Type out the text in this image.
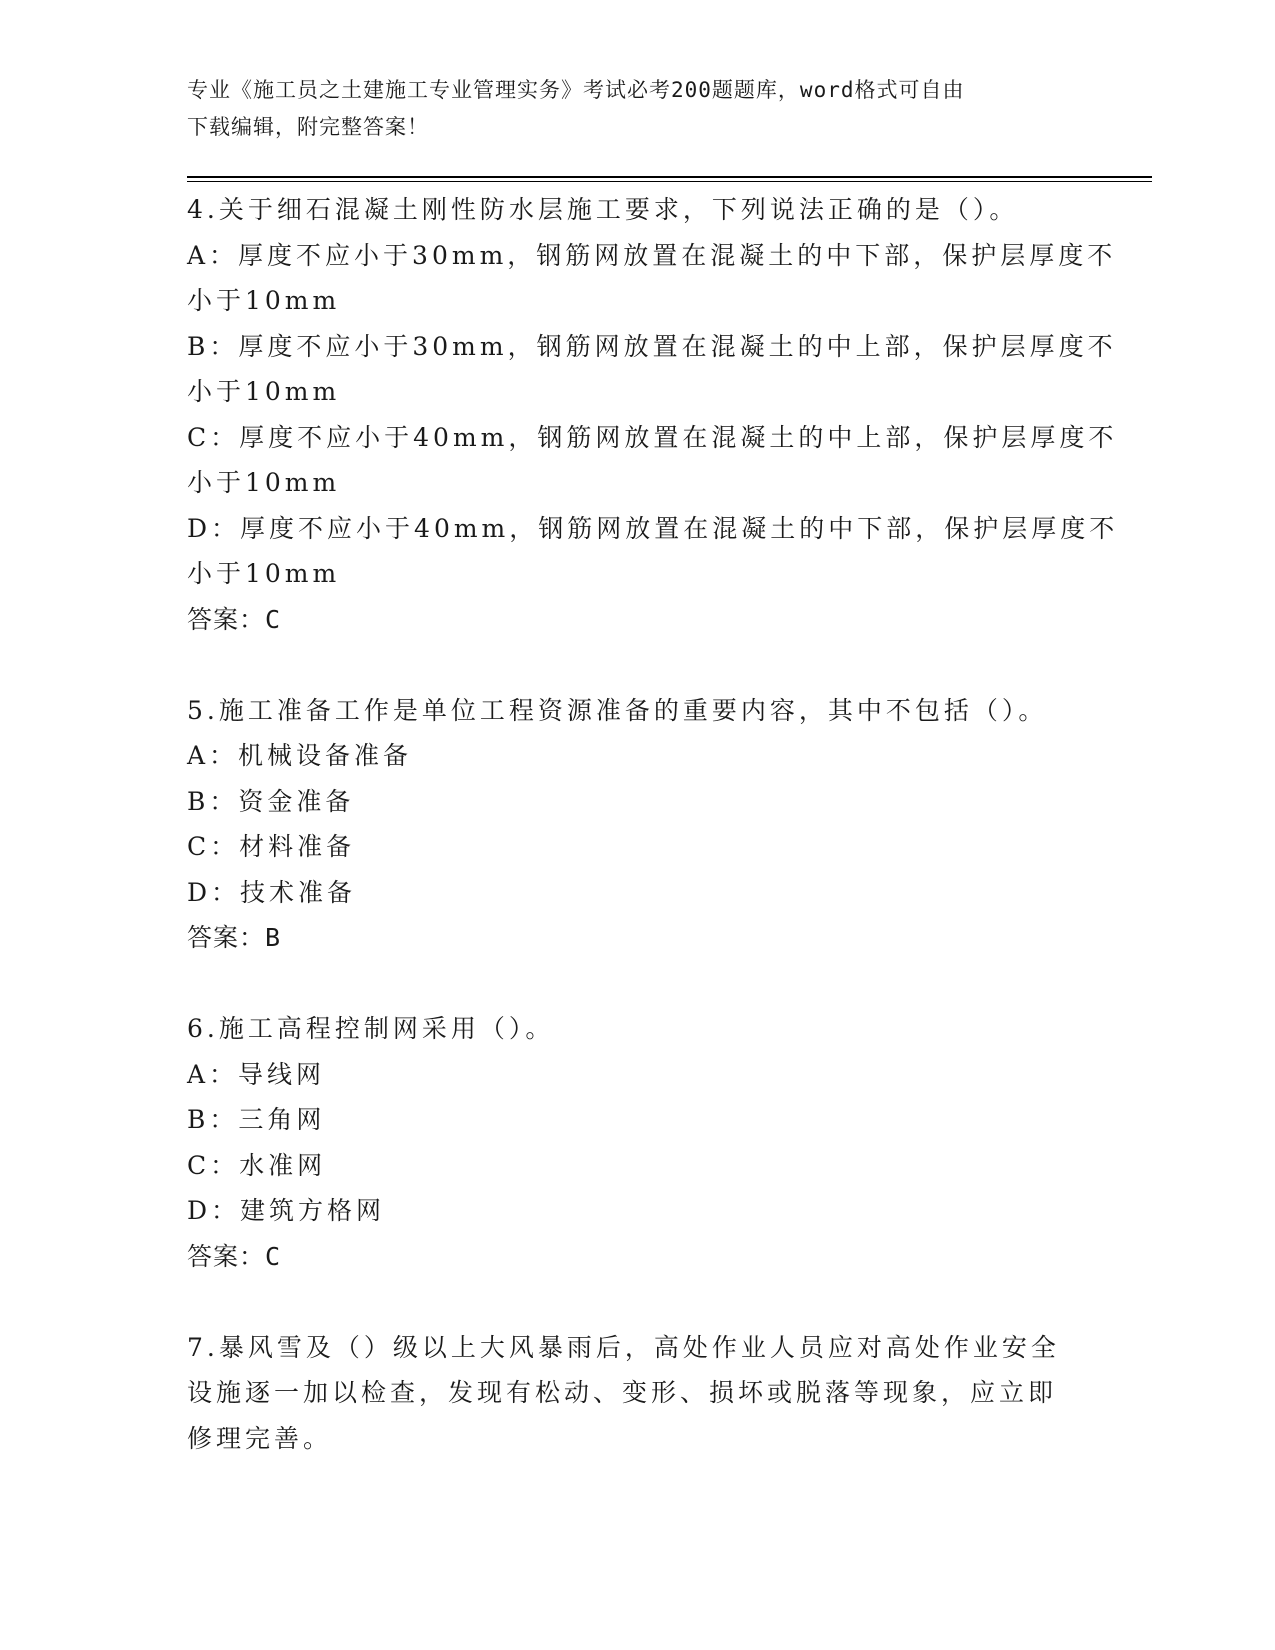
专业《施工员之土建施工专业管理实务》考试必考200题题库，word格式可自由
下载编辑，附完整答案！
4.关于细石混凝土刚性防水层施工要求，下列说法正确的是（）。
A：厚度不应小于30mm，钢筋网放置在混凝土的中下部，保护层厚度不
小于10mm
B：厚度不应小于30mm，钢筋网放置在混凝土的中上部，保护层厚度不
小于10mm
C：厚度不应小于40mm，钢筋网放置在混凝土的中上部，保护层厚度不
小于10mm
D：厚度不应小于40mm，钢筋网放置在混凝土的中下部，保护层厚度不
小于10mm
答案：C
5.施工准备工作是单位工程资源准备的重要内容，其中不包括（）。
A：机械设备准备
B：资金准备
C：材料准备
D：技术准备
答案：B
6.施工高程控制网采用（）。
A：导线网
B：三角网
C：水准网
D：建筑方格网
答案：C
7.暴风雪及（）级以上大风暴雨后，高处作业人员应对高处作业安全
设施逐一加以检查，发现有松动、变形、损坏或脱落等现象，应立即
修理完善。
